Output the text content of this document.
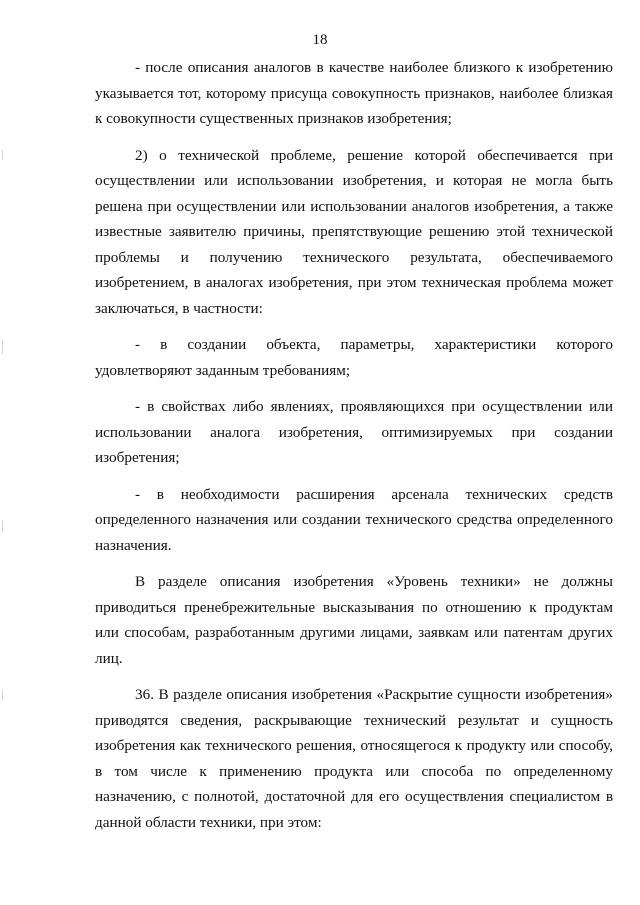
18

- после описания аналогов в качестве наиболее близкого к изобретению указывается тот, которому присуща совокупность признаков, наиболее близкая к совокупности существенных признаков изобретения;

2) о технической проблеме, решение которой обеспечивается при осуществлении или использовании изобретения, и которая не могла быть решена при осуществлении или использовании аналогов изобретения, а также известные заявителю причины, препятствующие решению этой технической проблемы и получению технического результата, обеспечиваемого изобретением, в аналогах изобретения, при этом техническая проблема может заключаться, в частности:

- в создании объекта, параметры, характеристики которого удовлетворяют заданным требованиям;

- в свойствах либо явлениях, проявляющихся при осуществлении или использовании аналога изобретения, оптимизируемых при создании изобретения;

- в необходимости расширения арсенала технических средств определенного назначения или создании технического средства определенного назначения.

В разделе описания изобретения «Уровень техники» не должны приводиться пренебрежительные высказывания по отношению к продуктам или способам, разработанным другими лицами, заявкам или патентам других лиц.

36. В разделе описания изобретения «Раскрытие сущности изобретения» приводятся сведения, раскрывающие технический результат и сущность изобретения как технического решения, относящегося к продукту или способу, в том числе к применению продукта или способа по определенному назначению, с полнотой, достаточной для его осуществления специалистом в данной области техники, при этом:
